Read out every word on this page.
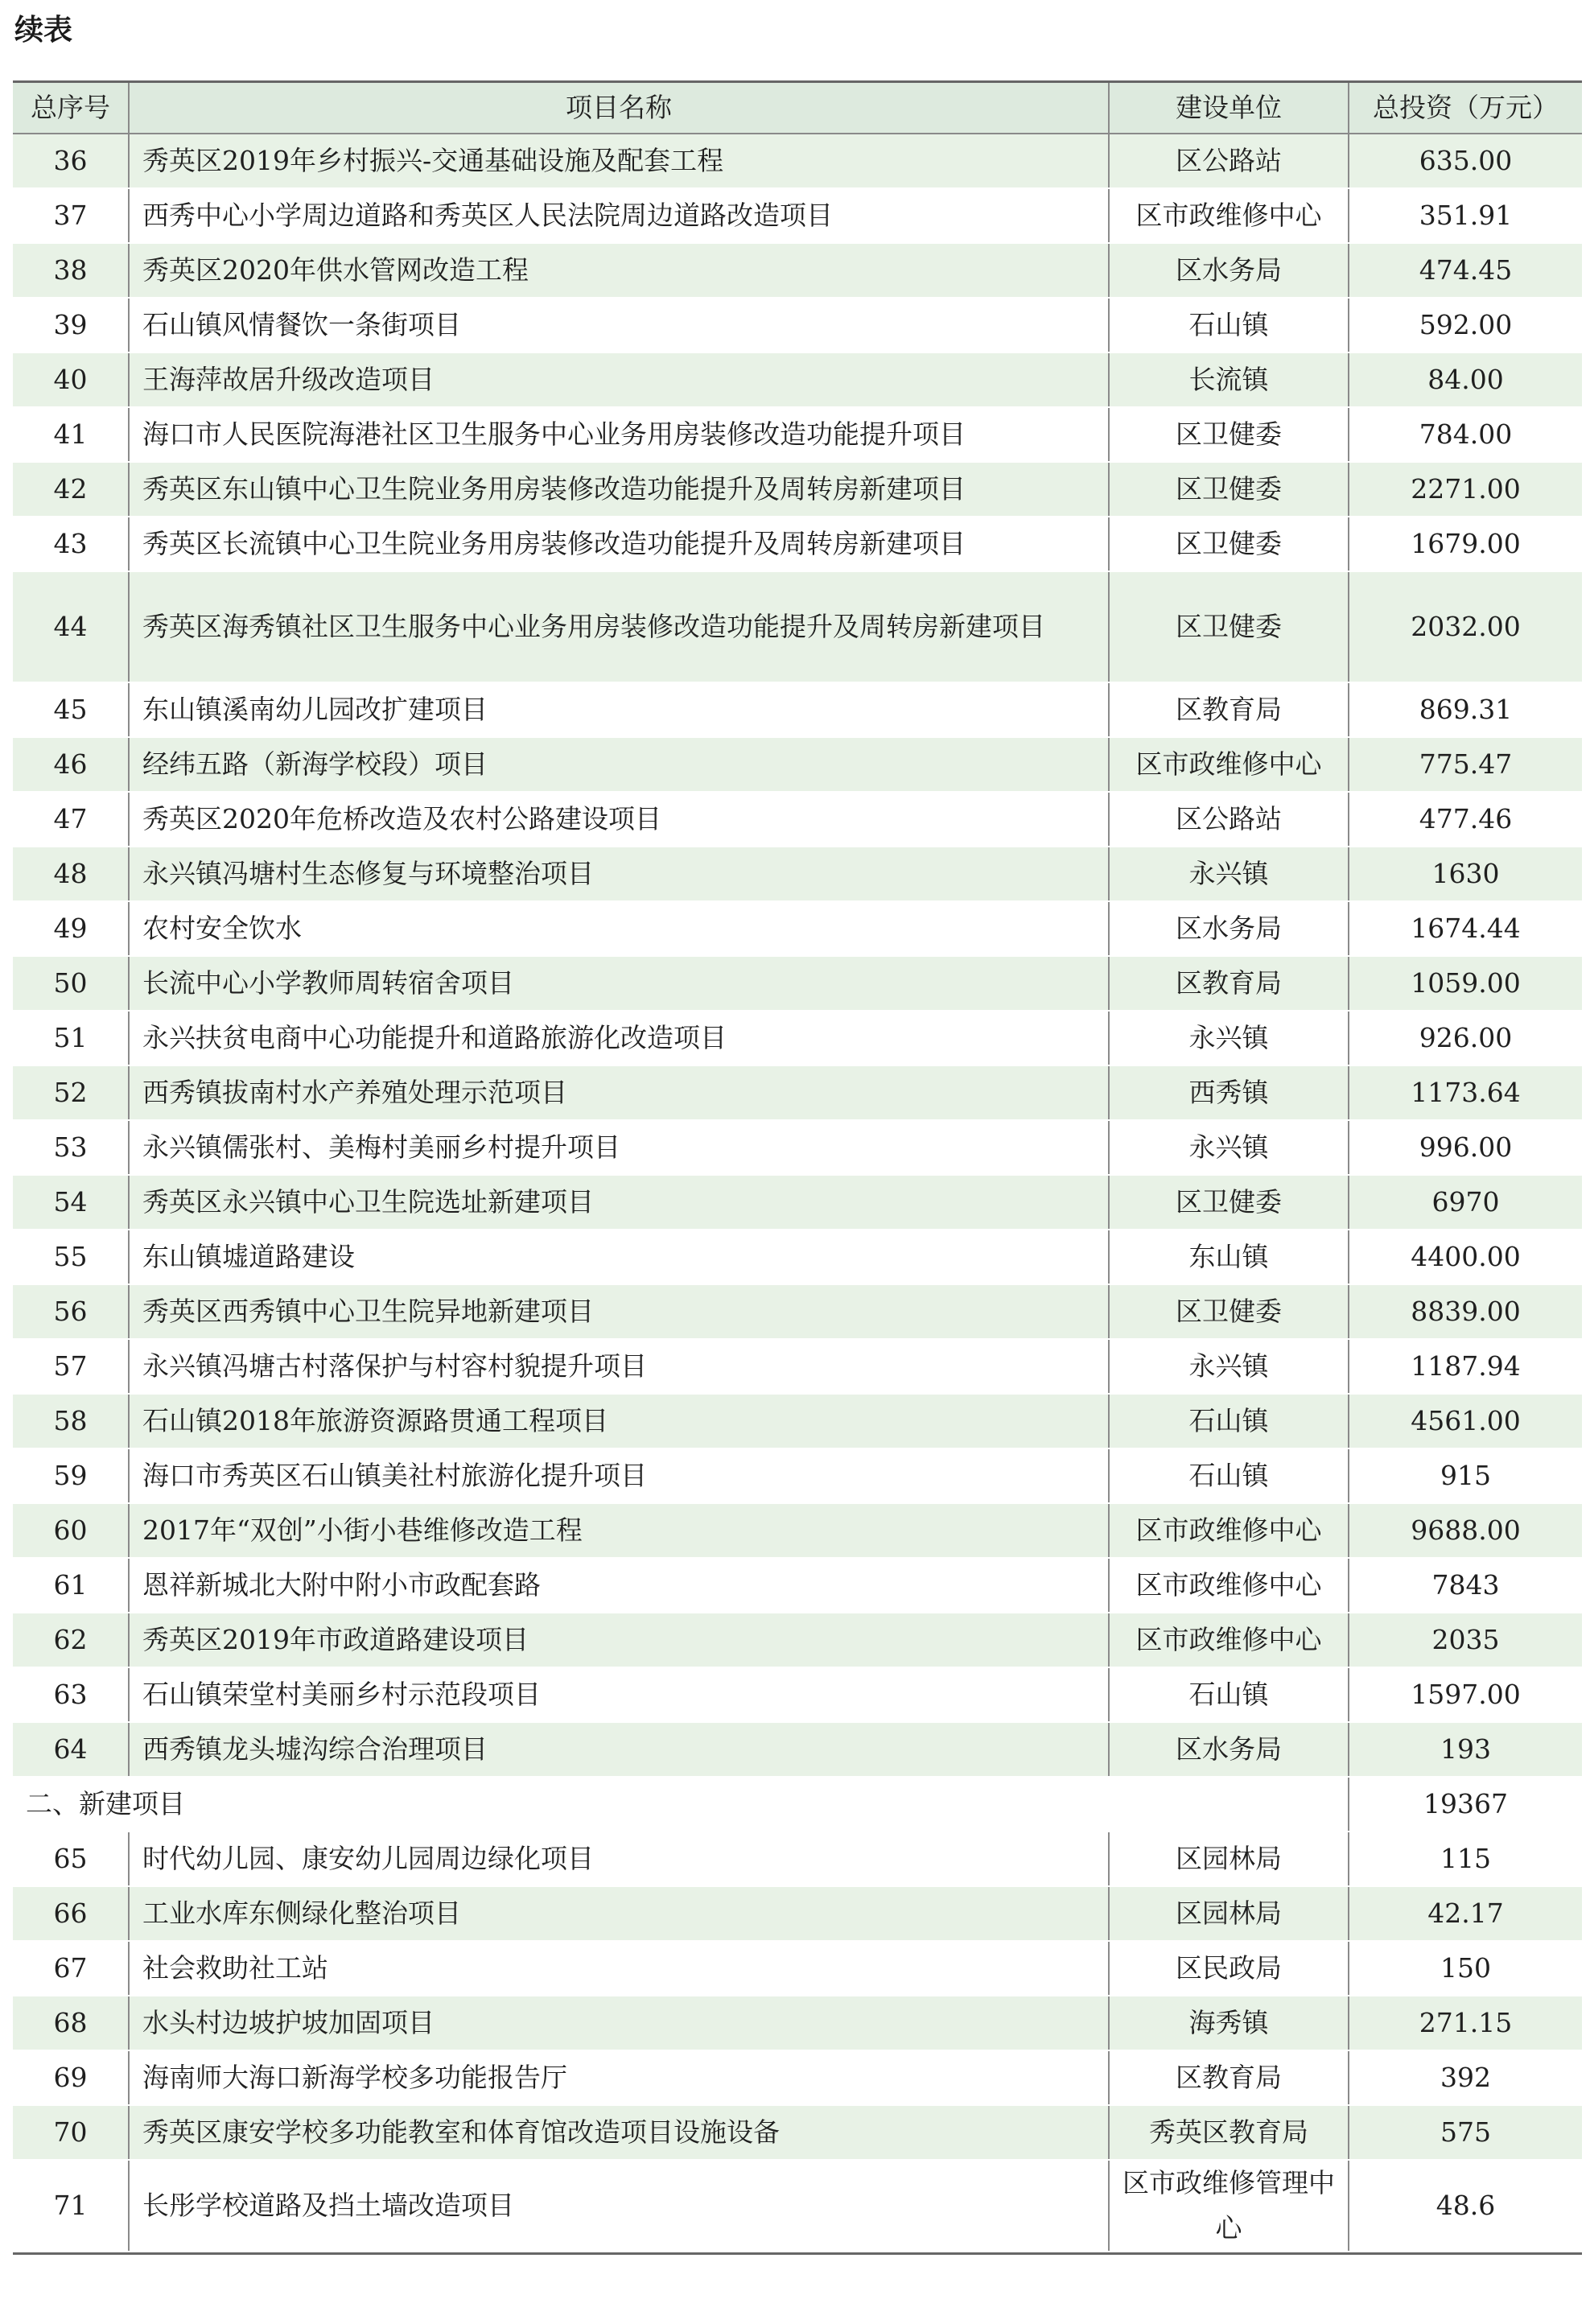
续表
总序号	项目名称	建设单位	总投资（万元）
36	秀英区2019年乡村振兴-交通基础设施及配套工程	区公路站	635.00
37	西秀中心小学周边道路和秀英区人民法院周边道路改造项目	区市政维修中心	351.91
38	秀英区2020年供水管网改造工程	区水务局	474.45
39	石山镇风情餐饮一条街项目	石山镇	592.00
40	王海萍故居升级改造项目	长流镇	84.00
41	海口市人民医院海港社区卫生服务中心业务用房装修改造功能提升项目	区卫健委	784.00
42	秀英区东山镇中心卫生院业务用房装修改造功能提升及周转房新建项目	区卫健委	2271.00
43	秀英区长流镇中心卫生院业务用房装修改造功能提升及周转房新建项目	区卫健委	1679.00
44	秀英区海秀镇社区卫生服务中心业务用房装修改造功能提升及周转房新建项目	区卫健委	2032.00
45	东山镇溪南幼儿园改扩建项目	区教育局	869.31
46	经纬五路（新海学校段）项目	区市政维修中心	775.47
47	秀英区2020年危桥改造及农村公路建设项目	区公路站	477.46
48	永兴镇冯塘村生态修复与环境整治项目	永兴镇	1630
49	农村安全饮水	区水务局	1674.44
50	长流中心小学教师周转宿舍项目	区教育局	1059.00
51	永兴扶贫电商中心功能提升和道路旅游化改造项目	永兴镇	926.00
52	西秀镇拔南村水产养殖处理示范项目	西秀镇	1173.64
53	永兴镇儒张村、美梅村美丽乡村提升项目	永兴镇	996.00
54	秀英区永兴镇中心卫生院选址新建项目	区卫健委	6970
55	东山镇墟道路建设	东山镇	4400.00
56	秀英区西秀镇中心卫生院异地新建项目	区卫健委	8839.00
57	永兴镇冯塘古村落保护与村容村貌提升项目	永兴镇	1187.94
58	石山镇2018年旅游资源路贯通工程项目	石山镇	4561.00
59	海口市秀英区石山镇美社村旅游化提升项目	石山镇	915
60	2017年“双创”小街小巷维修改造工程	区市政维修中心	9688.00
61	恩祥新城北大附中附小市政配套路	区市政维修中心	7843
62	秀英区2019年市政道路建设项目	区市政维修中心	2035
63	石山镇荣堂村美丽乡村示范段项目	石山镇	1597.00
64	西秀镇龙头墟沟综合治理项目	区水务局	193
二、新建项目			19367
65	时代幼儿园、康安幼儿园周边绿化项目	区园林局	115
66	工业水库东侧绿化整治项目	区园林局	42.17
67	社会救助社工站	区民政局	150
68	水头村边坡护坡加固项目	海秀镇	271.15
69	海南师大海口新海学校多功能报告厅	区教育局	392
70	秀英区康安学校多功能教室和体育馆改造项目设施设备	秀英区教育局	575
71	长彤学校道路及挡土墙改造项目	区市政维修管理中心	48.6
